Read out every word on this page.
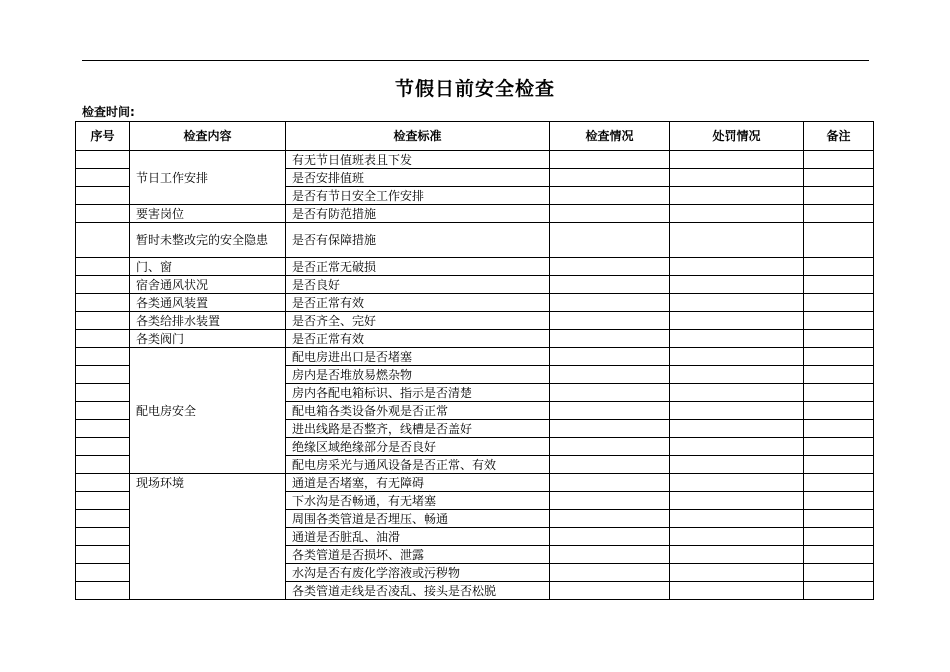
节假日前安全检查
检查时间:
序号	检查内容	检查标准	检查情况	处罚情况	备注
	节日工作安排	有无节日值班表且下发			
		是否安排值班			
		是否有节日安全工作安排			
	要害岗位	是否有防范措施			
	暂时未整改完的安全隐患	是否有保障措施			
	门、窗	是否正常无破损			
	宿舍通风状况	是否良好			
	各类通风装置	是否正常有效			
	各类给排水装置	是否齐全、完好			
	各类阀门	是否正常有效			
	配电房安全	配电房进出口是否堵塞			
		房内是否堆放易燃杂物			
		房内各配电箱标识、指示是否清楚			
		配电箱各类设备外观是否正常			
		进出线路是否整齐，线槽是否盖好			
		绝缘区域绝缘部分是否良好			
		配电房采光与通风设备是否正常、有效			
	现场环境	通道是否堵塞，有无障碍			
		下水沟是否畅通，有无堵塞			
		周围各类管道是否埋压、畅通			
		通道是否脏乱、油滑			
		各类管道是否损坏、泄露			
		水沟是否有废化学溶液或污秽物			
		各类管道走线是否凌乱、接头是否松脱			
